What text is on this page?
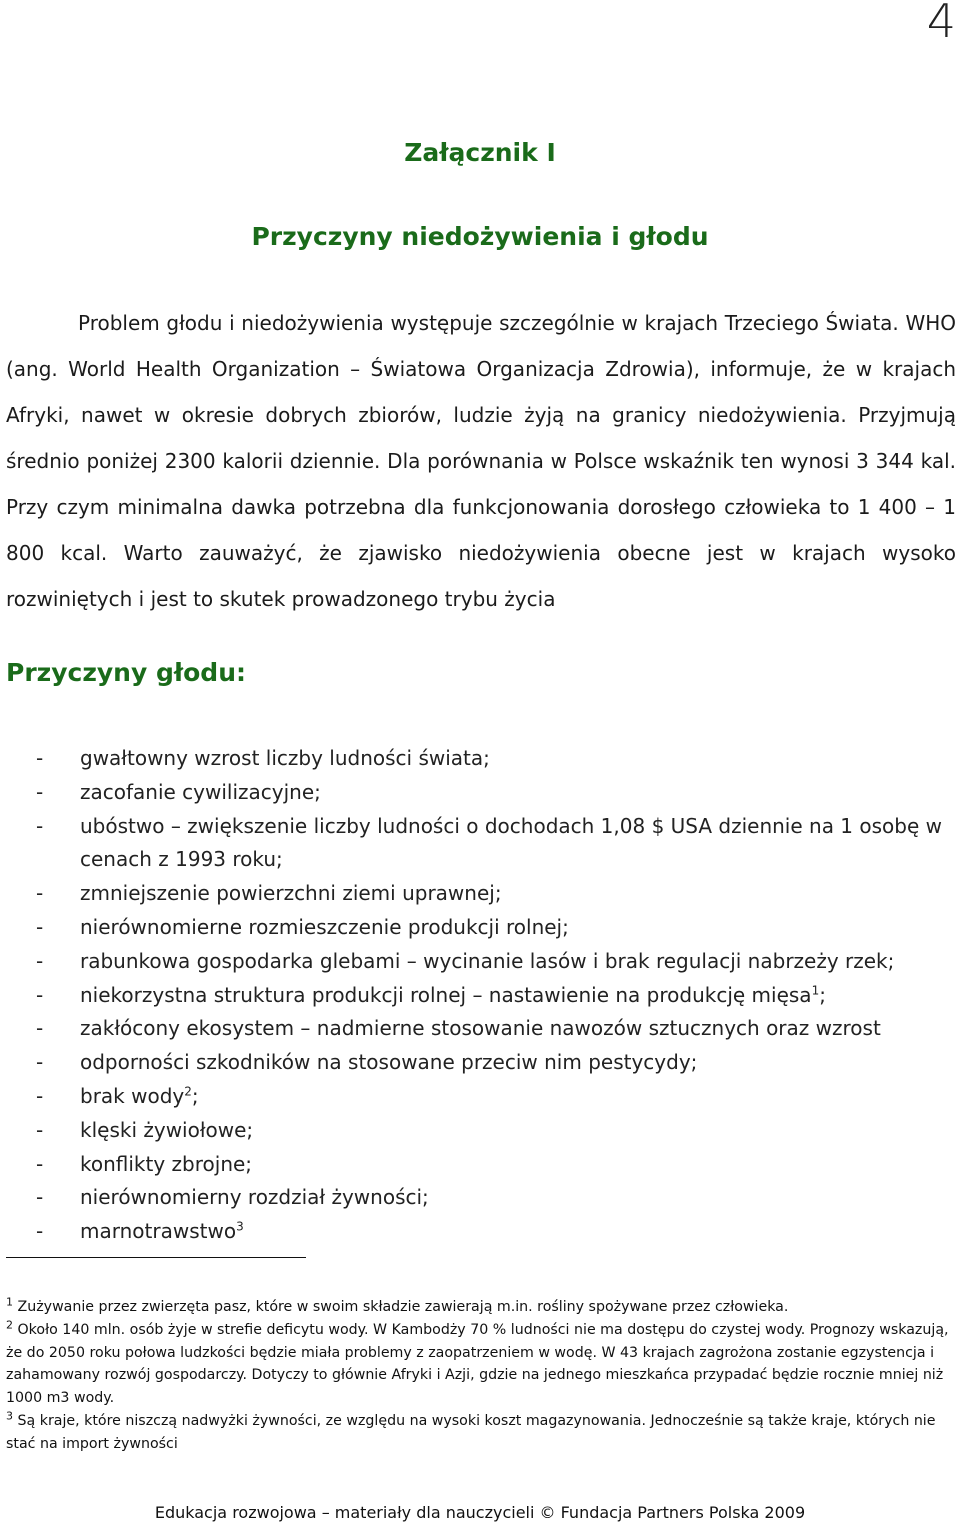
4
Załącznik I
Przyczyny niedożywienia i głodu
Problem głodu i niedożywienia występuje szczególnie w krajach Trzeciego Świata. WHO (ang. World Health Organization – Światowa Organizacja Zdrowia), informuje, że w krajach Afryki, nawet w okresie dobrych zbiorów, ludzie żyją na granicy niedożywienia. Przyjmują średnio poniżej 2300 kalorii dziennie. Dla porównania w Polsce wskaźnik ten wynosi 3 344 kal. Przy czym minimalna dawka potrzebna dla funkcjonowania dorosłego człowieka to 1 400 – 1 800 kcal. Warto zauważyć, że zjawisko niedożywienia obecne jest w krajach wysoko rozwiniętych i jest to skutek prowadzonego trybu życia
Przyczyny głodu:
- gwałtowny wzrost liczby ludności świata;
- zacofanie cywilizacyjne;
- ubóstwo – zwiększenie liczby ludności o dochodach 1,08 $ USA dziennie na 1 osobę w cenach z 1993 roku;
- zmniejszenie powierzchni ziemi uprawnej;
- nierównomierne rozmieszczenie produkcji rolnej;
- rabunkowa gospodarka glebami – wycinanie lasów i brak regulacji nabrzeży rzek;
- niekorzystna struktura produkcji rolnej – nastawienie na produkcję mięsa$^1$;
- zakłócony ekosystem – nadmierne stosowanie nawozów sztucznych oraz wzrost
- odporności szkodników na stosowane przeciw nim pestycydy;
- brak wody$^2$;
- klęski żywiołowe;
- konflikty zbrojne;
- nierównomierny rozdział żywności;
- marnotrawstwo$^3$

$^1$ Zużywanie przez zwierzęta pasz, które w swoim składzie zawierają m.in. rośliny spożywane przez człowieka.

$^2$ Około 140 mln. osób żyje w strefie deficytu wody. W Kambodży 70 % ludności nie ma dostępu do czystej wody. Prognozy wskazują, że do 2050 roku połowa ludzkości będzie miała problemy z zaopatrzeniem w wodę. W 43 krajach zagrożona zostanie egzystencja i zahamowany rozwój gospodarczy. Dotyczy to głównie Afryki i Azji, gdzie na jednego mieszkańca przypadać będzie rocznie mniej niż 1000 m3 wody.

$^3$ Są kraje, które niszczą nadwyżki żywności, ze względu na wysoki koszt magazynowania. Jednocześnie są także kraje, których nie stać na import żywności

Edukacja rozwojowa – materiały dla nauczycieli © Fundacja Partners Polska 2009
